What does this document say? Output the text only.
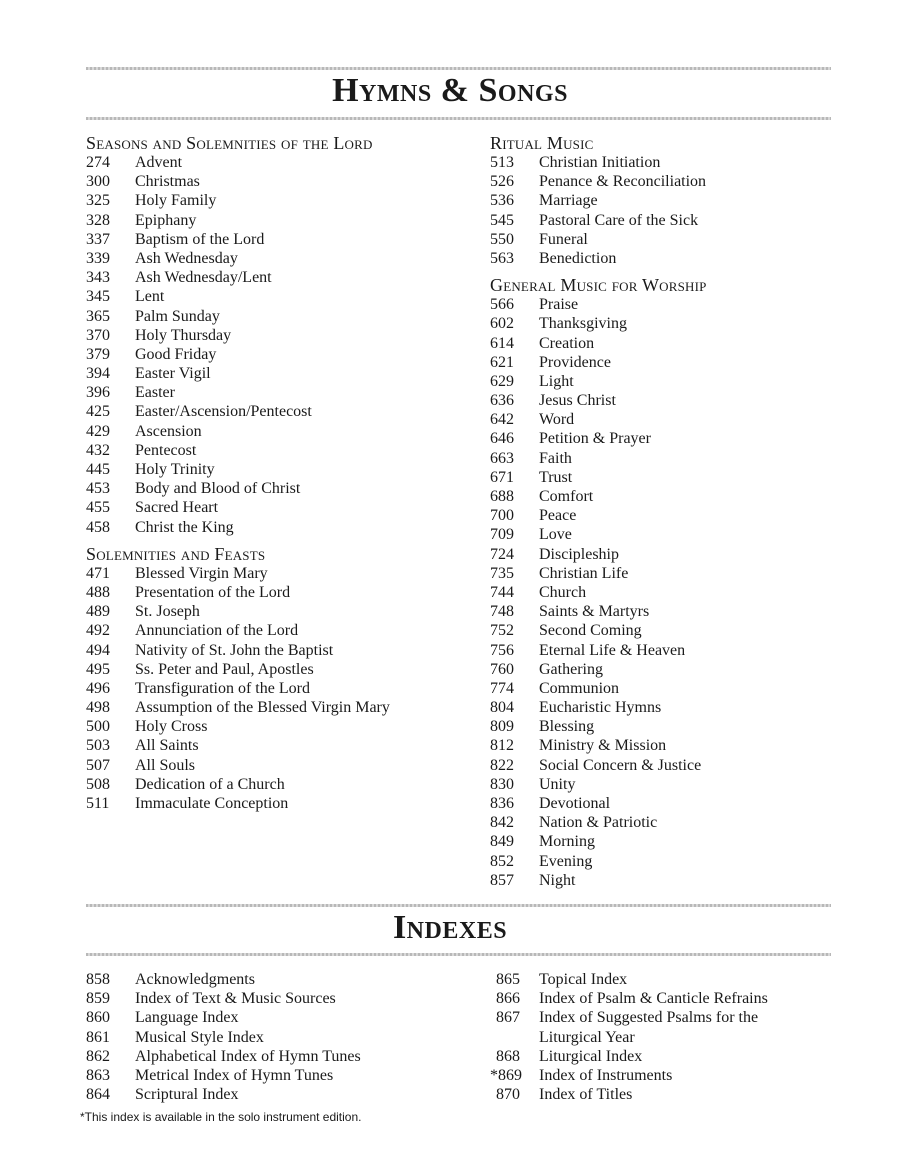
Hymns & Songs
Seasons and Solemnities of the Lord
274 Advent
300 Christmas
325 Holy Family
328 Epiphany
337 Baptism of the Lord
339 Ash Wednesday
343 Ash Wednesday/Lent
345 Lent
365 Palm Sunday
370 Holy Thursday
379 Good Friday
394 Easter Vigil
396 Easter
425 Easter/Ascension/Pentecost
429 Ascension
432 Pentecost
445 Holy Trinity
453 Body and Blood of Christ
455 Sacred Heart
458 Christ the King
Solemnities and Feasts
471 Blessed Virgin Mary
488 Presentation of the Lord
489 St. Joseph
492 Annunciation of the Lord
494 Nativity of St. John the Baptist
495 Ss. Peter and Paul, Apostles
496 Transfiguration of the Lord
498 Assumption of the Blessed Virgin Mary
500 Holy Cross
503 All Saints
507 All Souls
508 Dedication of a Church
511 Immaculate Conception
Ritual Music
513 Christian Initiation
526 Penance & Reconciliation
536 Marriage
545 Pastoral Care of the Sick
550 Funeral
563 Benediction
General Music for Worship
566 Praise
602 Thanksgiving
614 Creation
621 Providence
629 Light
636 Jesus Christ
642 Word
646 Petition & Prayer
663 Faith
671 Trust
688 Comfort
700 Peace
709 Love
724 Discipleship
735 Christian Life
744 Church
748 Saints & Martyrs
752 Second Coming
756 Eternal Life & Heaven
760 Gathering
774 Communion
804 Eucharistic Hymns
809 Blessing
812 Ministry & Mission
822 Social Concern & Justice
830 Unity
836 Devotional
842 Nation & Patriotic
849 Morning
852 Evening
857 Night
Indexes
858 Acknowledgments
859 Index of Text & Music Sources
860 Language Index
861 Musical Style Index
862 Alphabetical Index of Hymn Tunes
863 Metrical Index of Hymn Tunes
864 Scriptural Index
865 Topical Index
866 Index of Psalm & Canticle Refrains
867 Index of Suggested Psalms for the Liturgical Year
868 Liturgical Index
*869 Index of Instruments
870 Index of Titles
*This index is available in the solo instrument edition.
